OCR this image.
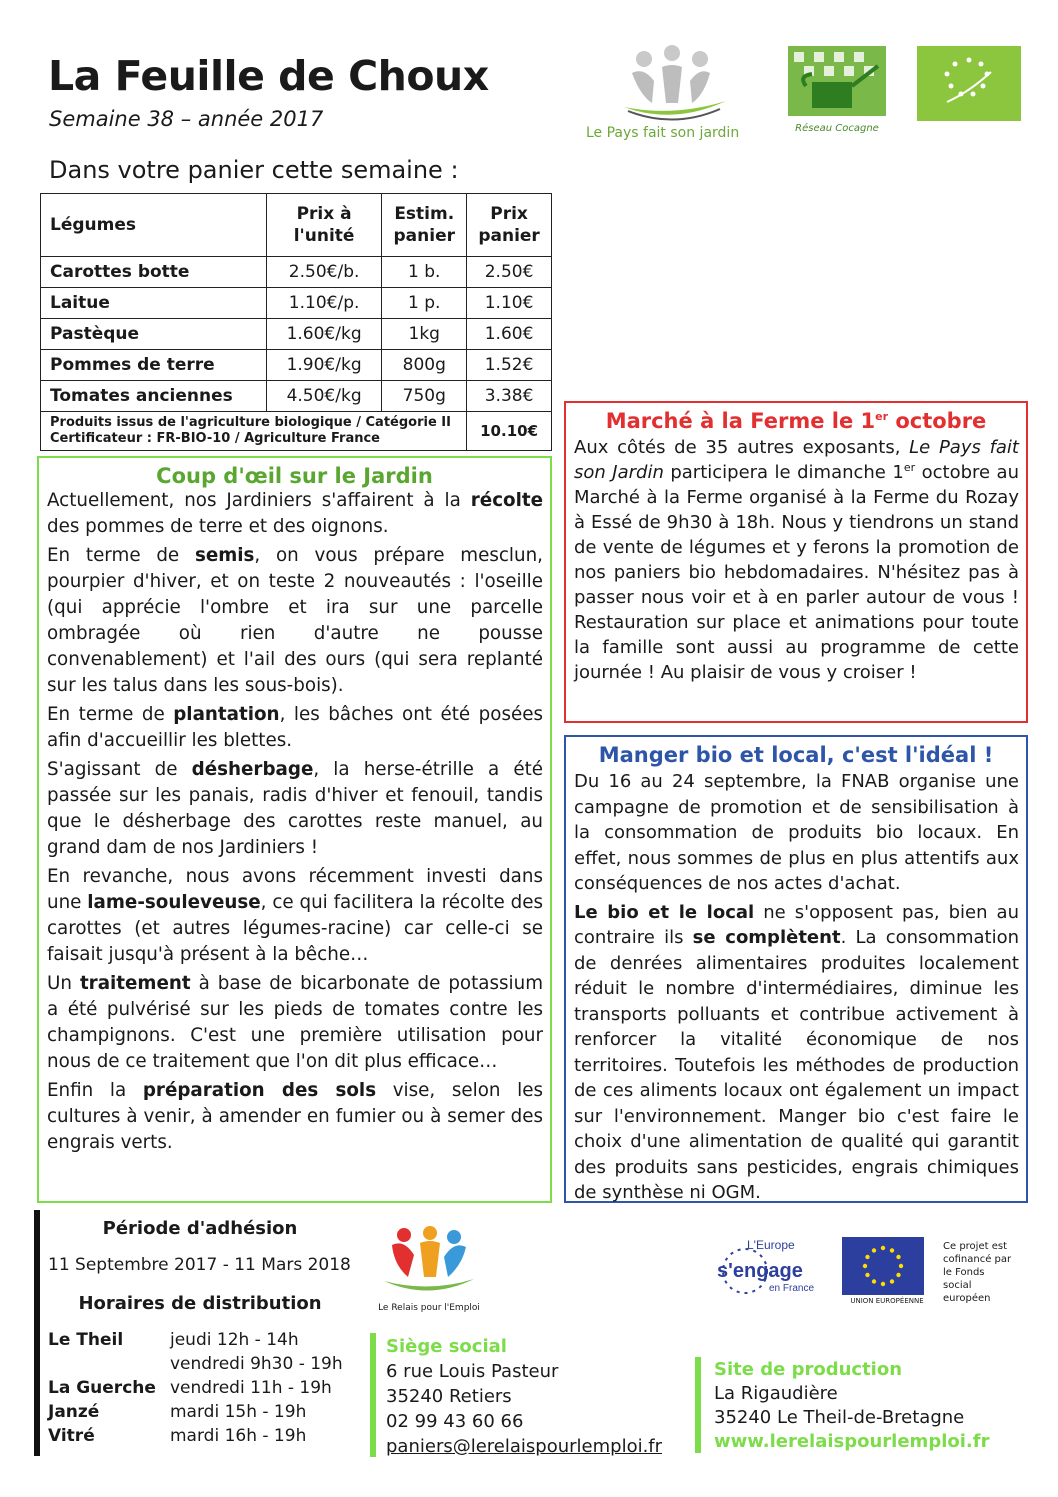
La Feuille de Choux
Semaine 38 – année 2017
Dans votre panier cette semaine :
Le Pays fait son jardin	Réseau Cocagne
Légumes	Prix à l'unité	Estim. panier	Prix panier
Carottes botte	2.50€/b.	1 b.	2.50€
Laitue	1.10€/p.	1 p.	1.10€
Pastèque	1.60€/kg	1kg	1.60€
Pommes de terre	1.90€/kg	800g	1.52€
Tomates anciennes	4.50€/kg	750g	3.38€
Produits issus de l'agriculture biologique / Catégorie II
Certificateur : FR-BIO-10 / Agriculture France			10.10€
Coup d'œil sur le Jardin

Actuellement, nos Jardiniers s'affairent à la récolte des pommes de terre et des oignons.

En terme de semis, on vous prépare mesclun, pourpier d'hiver, et on teste 2 nouveautés : l'oseille (qui apprécie l'ombre et ira sur une parcelle ombragée où rien d'autre ne pousse convenablement) et l'ail des ours (qui sera replanté sur les talus dans les sous-bois).

En terme de plantation, les bâches ont été posées afin d'accueillir les blettes.

S'agissant de désherbage, la herse-étrille a été passée sur les panais, radis d'hiver et fenouil, tandis que le désherbage des carottes reste manuel, au grand dam de nos Jardiniers !

En revanche, nous avons récemment investi dans une lame-souleveuse, ce qui facilitera la récolte des carottes (et autres légumes-racine) car celle-ci se faisait jusqu'à présent à la bêche…

Un traitement à base de bicarbonate de potassium a été pulvérisé sur les pieds de tomates contre les champignons. C'est une première utilisation pour nous de ce traitement que l'on dit plus efficace…

Enfin la préparation des sols vise, selon les cultures à venir, à amender en fumier ou à semer des engrais verts.

Marché à la Ferme le 1er octobre

Aux côtés de 35 autres exposants, Le Pays fait son Jardin participera le dimanche 1er octobre au Marché à la Ferme organisé à la Ferme du Rozay à Essé de 9h30 à 18h. Nous y tiendrons un stand de vente de légumes et y ferons la promotion de nos paniers bio hebdomadaires. N'hésitez pas à passer nous voir et à en parler autour de vous ! Restauration sur place et animations pour toute la famille sont aussi au programme de cette journée ! Au plaisir de vous y croiser !

Manger bio et local, c'est l'idéal !

Du 16 au 24 septembre, la FNAB organise une campagne de promotion et de sensibilisation à la consommation de produits bio locaux. En effet, nous sommes de plus en plus attentifs aux conséquences de nos actes d'achat.

Le bio et le local ne s'opposent pas, bien au contraire ils se complètent. La consommation de denrées alimentaires produites localement réduit le nombre d'intermédiaires, diminue les transports polluants et contribue activement à renforcer la vitalité économique de nos territoires. Toutefois les méthodes de production de ces aliments locaux ont également un impact sur l'environnement. Manger bio c'est faire le choix d'une alimentation de qualité qui garantit des produits sans pesticides, engrais chimiques de synthèse ni OGM.

Période d'adhésion
11 Septembre 2017 - 11 Mars 2018
Horaires de distribution
Le Theil	jeudi 12h - 14h
vendredi 9h30 - 19h
La Guerche vendredi 11h - 19h
Janzé	mardi 15h - 19h
Vitré	mardi 16h - 19h
Le Relais pour l'Emploi
Siège social
6 rue Louis Pasteur
35240 Retiers
02 99 43 60 66
paniers@lerelaispourlemploi.fr
Site de production
La Rigaudière
35240 Le Theil-de-Bretagne
www.lerelaispourlemploi.fr
L'Europe
s'engage
en France
UNION EUROPÉENNE
Ce projet est cofinancé par le Fonds social européen
